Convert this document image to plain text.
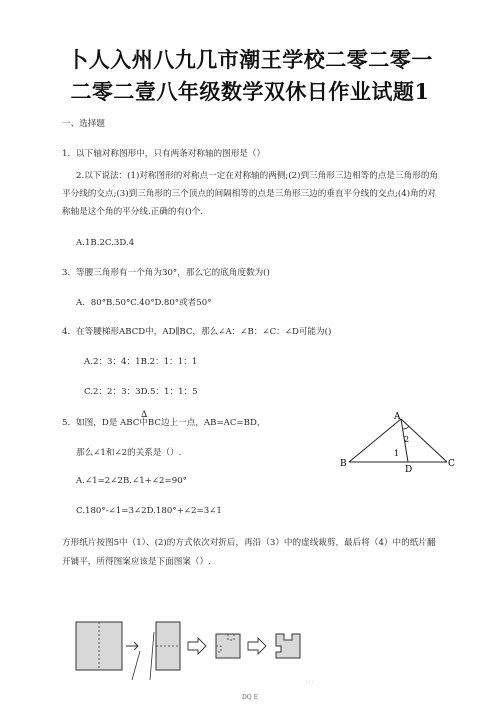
卜人入州八九几市潮王学校二零二零一
二零二壹八年级数学双休日作业试题1
一、选择题
1．以下轴对称图形中，只有两条对称轴的图形是（）
2.以下说法：(1)对称图形的对称点一定在对称轴的两侧;(2)到三角形三边相等的点是三角形的角平分线的交点;(3)到三角形的三个顶点的间隔相等的点是三角形三边的垂直平分线的交点;(4)角的对称轴是这个角的平分线.正确的有()个.
A.1B.2C.3D.4
3．等腰三角形有一个角为30°，那么它的底角度数为()
A．80°B.50°C.40°D.80°或者50°
4．在等腰梯形ABCD中，AD∥BC，那么∠A：∠B：∠C：∠D可能为()
A.2：3：4：1B.2：1：1：1
C.2：2：3：3D.5：1：1：5
5．如图，D是 ABC中BC边上一点，AB=AC=BD，
∆
那么∠1和∠2的关系是（）.
A.∠1=2∠2B.∠1+∠2=90°
C.180°-∠1=3∠2D.180°+∠2=3∠1
A
B	C
D
2
1
方形纸片按图5中（1）、(2)的方式依次对折后，再沿（3）中的虚线裁剪，最后将（4）中的纸片翻开铺平，所得图案应该是下面图案（）.
DQ E
